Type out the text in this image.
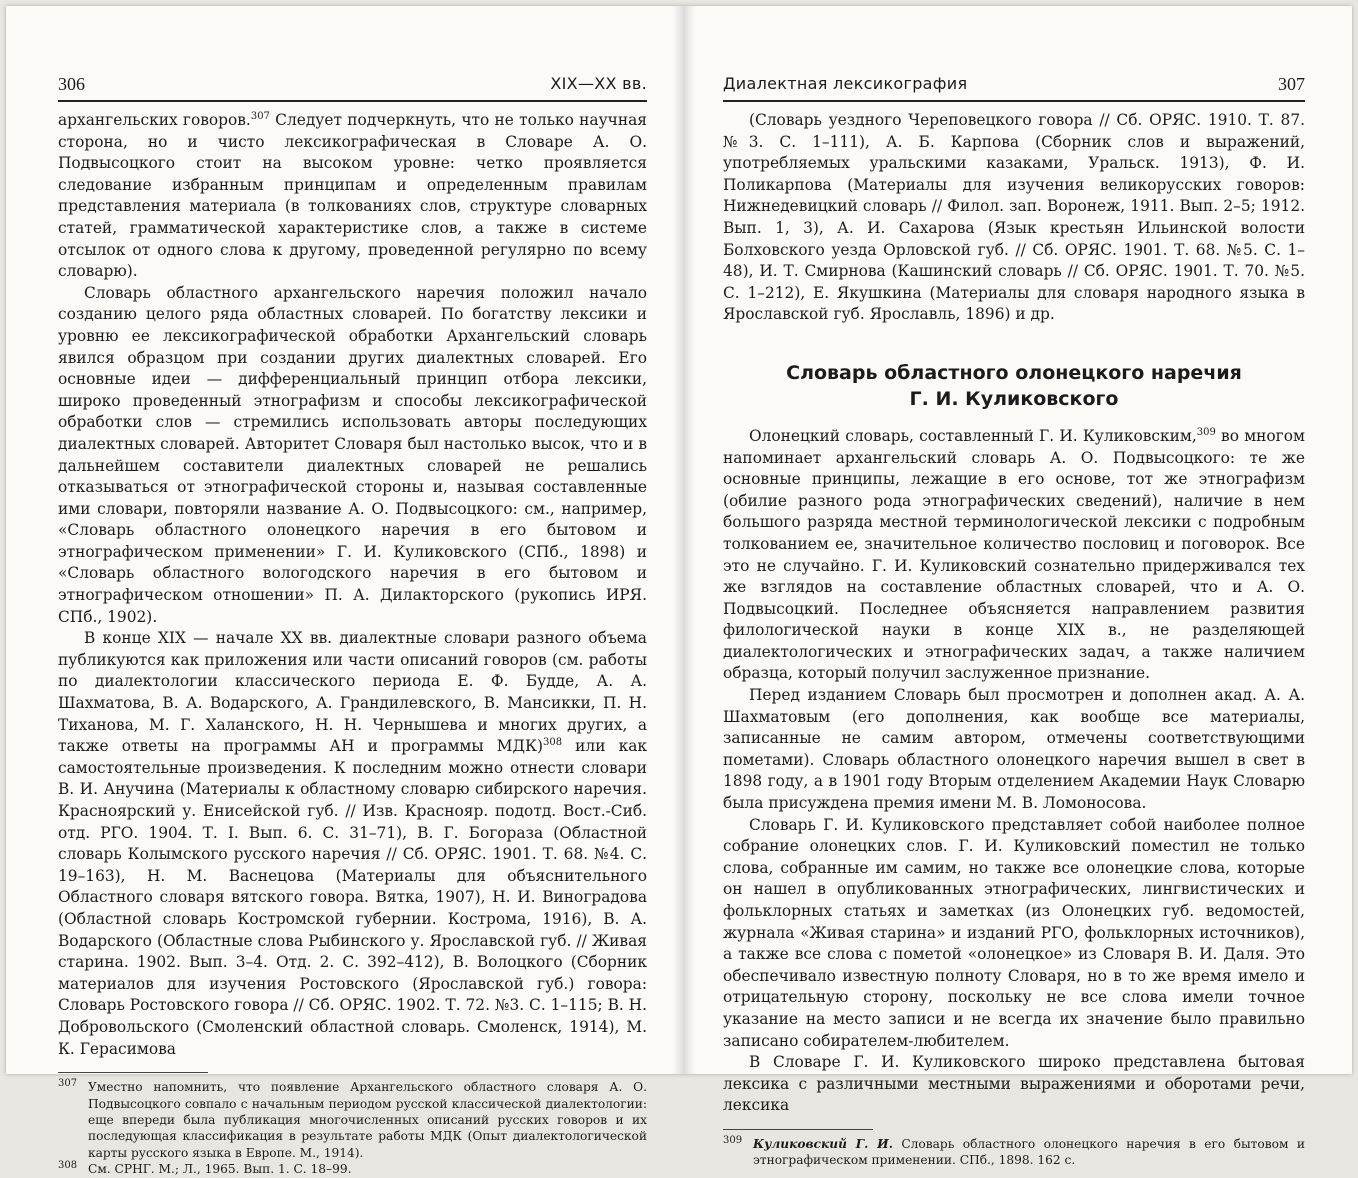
306	XIX—XX вв.

архангельских говоров.$^{307}$ Следует подчеркнуть, что не только научная сторона, но и чисто лексикографическая в Словаре А. О. Подвысоцкого стоит на высоком уровне: четко проявляется следование избранным принципам и определенным правилам представления материала (в толкованиях слов, структуре словарных статей, грамматической характеристике слов, а также в системе отсылок от одного слова к другому, проведенной регулярно по всему словарю).

Словарь областного архангельского наречия положил начало созданию целого ряда областных словарей. По богатству лексики и уровню ее лексикографической обработки Архангельский словарь явился образцом при создании других диалектных словарей. Его основные идеи — дифференциальный принцип отбора лексики, широко проведенный этнографизм и способы лексикографической обработки слов — стремились использовать авторы последующих диалектных словарей. Авторитет Словаря был настолько высок, что и в дальнейшем составители диалектных словарей не решались отказываться от этнографической стороны и, называя составленные ими словари, повторяли название А. О. Подвысоцкого: см., например, «Словарь областного олонецкого наречия в его бытовом и этнографическом применении» Г. И. Куликовского (СПб., 1898) и «Словарь областного вологодского наречия в его бытовом и этнографическом отношении» П. А. Дилакторского (рукопись ИРЯ. СПб., 1902).

В конце XIX — начале XX вв. диалектные словари разного объема публикуются как приложения или части описаний говоров (см. работы по диалектологии классического периода Е. Ф. Будде, А. А. Шахматова, В. А. Водарского, А. Грандилевского, В. Мансикки, П. Н. Тиханова, М. Г. Халанского, Н. Н. Чернышева и многих других, а также ответы на программы АН и программы МДК)$^{308}$ или как самостоятельные произведения. К последним можно отнести словари В. И. Анучина (Материалы к областному словарю сибирского наречия. Красноярский у. Енисейской губ. // Изв. Краснояр. подотд. Вост.-Сиб. отд. РГО. 1904. Т. I. Вып. 6. С. 31–71), В. Г. Богораза (Областной словарь Колымского русского наречия // Сб. ОРЯС. 1901. Т. 68. №4. С. 19–163), Н. М. Васнецова (Материалы для объяснительного Областного словаря вятского говора. Вятка, 1907), Н. И. Виноградова (Областной словарь Костромской губернии. Кострома, 1916), В. А. Водарского (Областные слова Рыбинского у. Ярославской губ. // Живая старина. 1902. Вып. 3–4. Отд. 2. С. 392–412), В. Волоцкого (Сборник материалов для изучения Ростовского (Ярославской губ.) говора: Словарь Ростовского говора // Сб. ОРЯС. 1902. Т. 72. №3. С. 1–115; В. Н. Добровольского (Смоленский областной словарь. Смоленск, 1914), М. К. Герасимова

$^{307}$ Уместно напомнить, что появление Архангельского областного словаря А. О. Подвысоцкого совпало с начальным периодом русской классической диалектологии: еще впереди была публикация многочисленных описаний русских говоров и их последующая классификация в результате работы МДК (Опыт диалектологической карты русского языка в Европе. М., 1914).

$^{308}$ См. СРНГ. М.; Л., 1965. Вып. 1. С. 18–99.

Диалектная лексикография	307

(Словарь уездного Череповецкого говора // Сб. ОРЯС. 1910. Т. 87. №3. С. 1–111), А. Б. Карпова (Сборник слов и выражений, употребляемых уральскими казаками, Уральск. 1913), Ф. И. Поликарпова (Материалы для изучения великорусских говоров: Нижнедевицкий словарь // Филол. зап. Воронеж, 1911. Вып. 2–5; 1912. Вып. 1, 3), А. И. Сахарова (Язык крестьян Ильинской волости Болховского уезда Орловской губ. // Сб. ОРЯС. 1901. Т. 68. №5. С. 1–48), И. Т. Смирнова (Кашинский словарь // Сб. ОРЯС. 1901. Т. 70. №5. С. 1–212), Е. Якушкина (Материалы для словаря народного языка в Ярославской губ. Ярославль, 1896) и др.

Словарь областного олонецкого наречия
Г. И. Куликовского

Олонецкий словарь, составленный Г. И. Куликовским,$^{309}$ во многом напоминает архангельский словарь А. О. Подвысоцкого: те же основные принципы, лежащие в его основе, тот же этнографизм (обилие разного рода этнографических сведений), наличие в нем большого разряда местной терминологической лексики с подробным толкованием ее, значительное количество пословиц и поговорок. Все это не случайно. Г. И. Куликовский сознательно придерживался тех же взглядов на составление областных словарей, что и А. О. Подвысоцкий. Последнее объясняется направлением развития филологической науки в конце XIX в., не разделяющей диалектологических и этнографических задач, а также наличием образца, который получил заслуженное признание.

Перед изданием Словарь был просмотрен и дополнен акад. А. А. Шахматовым (его дополнения, как вообще все материалы, записанные не самим автором, отмечены соответствующими пометами). Словарь областного олонецкого наречия вышел в свет в 1898 году, а в 1901 году Вторым отделением Академии Наук Словарю была присуждена премия имени М. В. Ломоносова.

Словарь Г. И. Куликовского представляет собой наиболее полное собрание олонецких слов. Г. И. Куликовский поместил не только слова, собранные им самим, но также все олонецкие слова, которые он нашел в опубликованных этнографических, лингвистических и фольклорных статьях и заметках (из Олонецких губ. ведомостей, журнала «Живая старина» и изданий РГО, фольклорных источников), а также все слова с пометой «олонецкое» из Словаря В. И. Даля. Это обеспечивало известную полноту Словаря, но в то же время имело и отрицательную сторону, поскольку не все слова имели точное указание на место записи и не всегда их значение было правильно записано собирателем-любителем.

В Словаре Г. И. Куликовского широко представлена бытовая лексика с различными местными выражениями и оборотами речи, лексика

$^{309}$ Куликовский Г. И. Словарь областного олонецкого наречия в его бытовом и этнографическом применении. СПб., 1898. 162 с.
